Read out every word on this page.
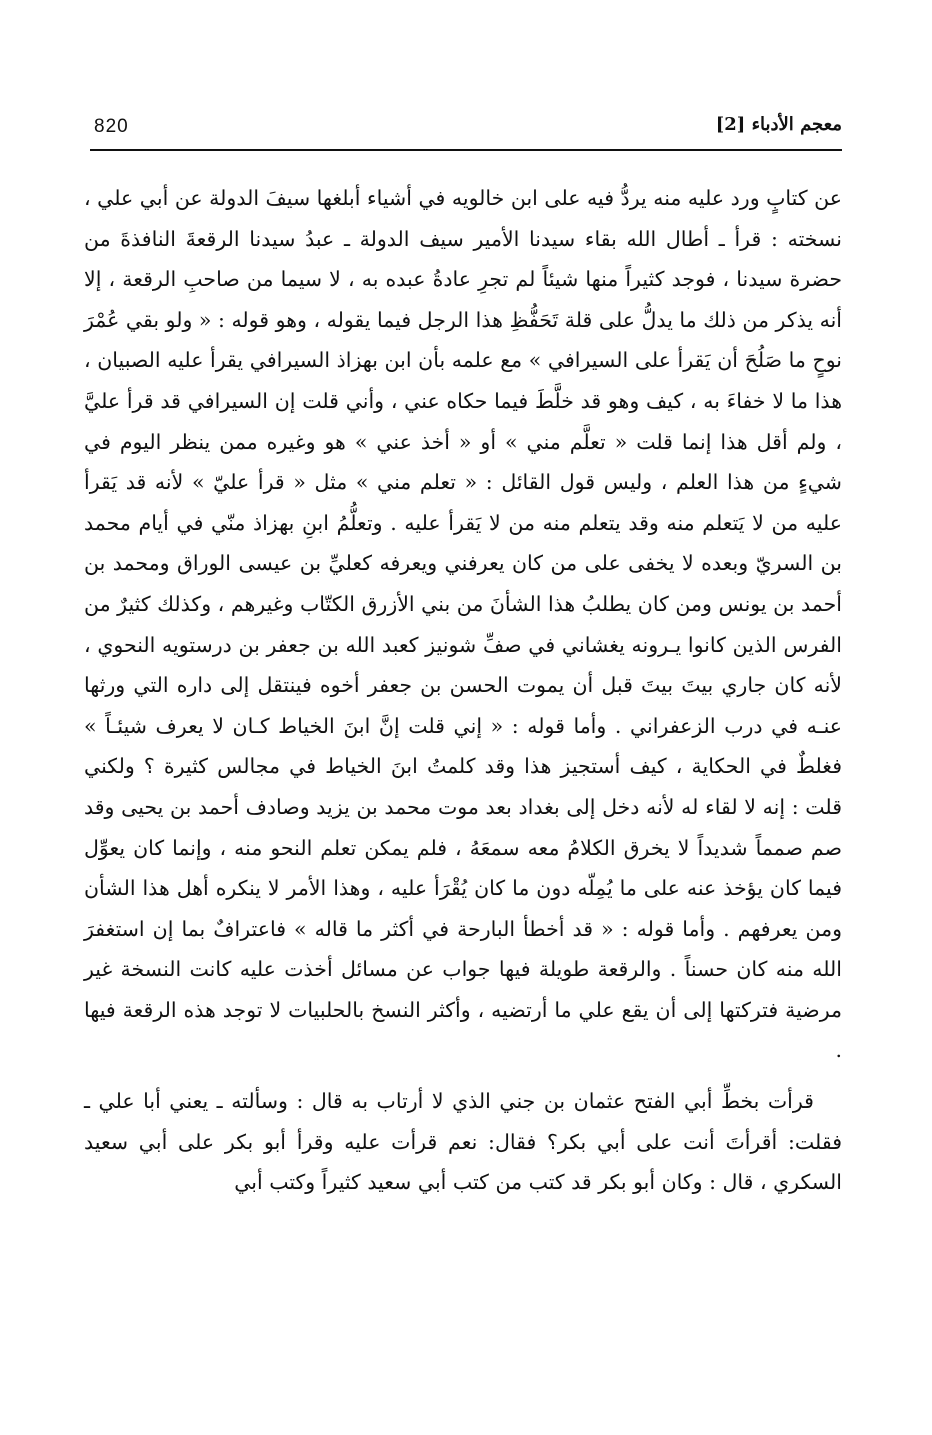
820	معجم الأدباء [2]

عن كتابٍ ورد عليه منه يردُّ فيه على ابن خالويه في أشياء أبلغها سيفَ الدولة عن أبي علي ، نسخته : قرأ ـ أطال الله بقاء سيدنا الأمير سيف الدولة ـ عبدُ سيدنا الرقعةَ النافذةَ من حضرة سيدنا ، فوجد كثيراً منها شيئاً لم تجرِ عادةُ عبده به ، لا سيما من صاحبِ الرقعة ، إلا أنه يذكر من ذلك ما يدلُّ على قلة تَحَفُّظِ هذا الرجل فيما يقوله ، وهو قوله : « ولو بقي عُمْرَ نوحٍ ما صَلُحَ أن يَقرأ على السيرافي » مع علمه بأن ابن بهزاذ السيرافي يقرأ عليه الصبيان ، هذا ما لا خفاءَ به ، كيف وهو قد خلَّطَ فيما حكاه عني ، وأني قلت إن السيرافي قد قرأ عليَّ ، ولم أقل هذا إنما قلت « تعلَّم مني » أو « أخذ عني » هو وغيره ممن ينظر اليوم في شيءٍ من هذا العلم ، وليس قول القائل : « تعلم مني » مثل « قرأ عليّ » لأنه قد يَقرأ عليه من لا يَتعلم منه وقد يتعلم منه من لا يَقرأ عليه . وتعلُّمُ ابنِ بهزاذ منّي في أيام محمد بن السريّ وبعده لا يخفى على من كان يعرفني ويعرفه كعليِّ بن عيسى الوراق ومحمد بن أحمد بن يونس ومن كان يطلبُ هذا الشأنَ من بني الأزرق الكتّاب وغيرهم ، وكذلك كثيرٌ من الفرس الذين كانوا يـرونه يغشاني في صفِّ شونيز كعبد الله بن جعفر بن درستويه النحوي ، لأنه كان جاري بيتَ بيتَ قبل أن يموت الحسن بن جعفر أخوه فينتقل إلى داره التي ورثها عنـه في درب الزعفراني . وأما قوله : « إني قلت إنَّ ابنَ الخياط كـان لا يعرف شيئـاً » فغلطٌ في الحكاية ، كيف أستجيز هذا وقد كلمتُ ابنَ الخياط في مجالس كثيرة ؟ ولكني قلت : إنه لا لقاء له لأنه دخل إلى بغداد بعد موت محمد بن يزيد وصادف أحمد بن يحيى وقد صم صمماً شديداً لا يخرق الكلامُ معه سمعَهُ ، فلم يمكن تعلم النحو منه ، وإنما كان يعوِّل فيما كان يؤخذ عنه على ما يُمِلّه دون ما كان يُقْرَأ عليه ، وهذا الأمر لا ينكره أهل هذا الشأن ومن يعرفهم . وأما قوله : « قد أخطأ البارحة في أكثر ما قاله » فاعترافٌ بما إن استغفرَ الله منه كان حسناً . والرقعة طويلة فيها جواب عن مسائل أخذت عليه كانت النسخة غير مرضية فتركتها إلى أن يقع علي ما أرتضيه ، وأكثر النسخ بالحلبيات لا توجد هذه الرقعة فيها .

قرأت بخطِّ أبي الفتح عثمان بن جني الذي لا أرتاب به قال : وسألته ـ يعني أبا علي ـ فقلت: أقرأتَ أنت على أبي بكر؟ فقال: نعم قرأت عليه وقرأ أبو بكر على أبي سعيد السكري ، قال : وكان أبو بكر قد كتب من كتب أبي سعيد كثيراً وكتب أبي
